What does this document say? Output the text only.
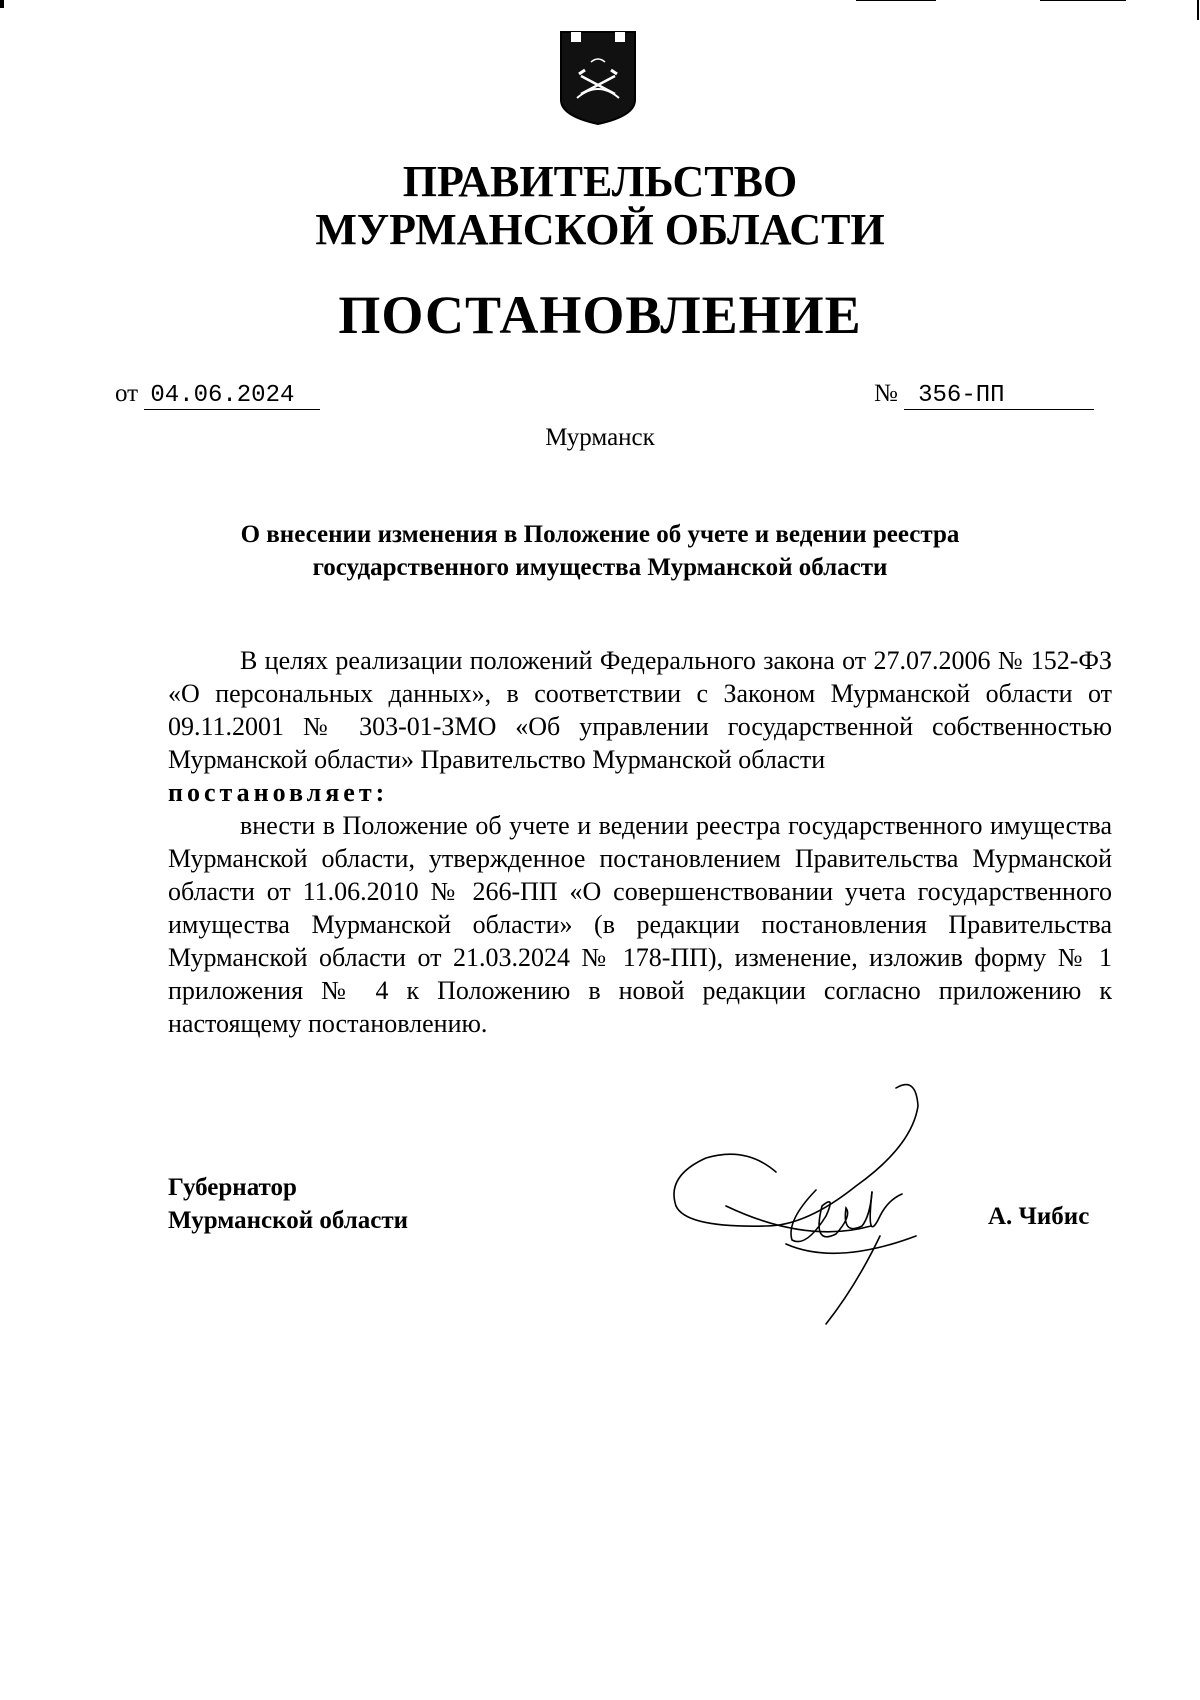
ПРАВИТЕЛЬСТВО
МУРМАНСКОЙ ОБЛАСТИ
ПОСТАНОВЛЕНИЕ
от 04.06.2024	№ 356-ПП
Мурманск
О внесении изменения в Положение об учете и ведении реестра
государственного имущества Мурманской области

В целях реализации положений Федерального закона от 27.07.2006 № 152-ФЗ «О персональных данных», в соответствии с Законом Мурманской области от 09.11.2001 № 303-01-ЗМО «Об управлении государственной собственностью Мурманской области» Правительство Мурманской области

постановляет:

внести в Положение об учете и ведении реестра государственного имущества Мурманской области, утвержденное постановлением Правительства Мурманской области от 11.06.2010 № 266-ПП «О совершенствовании учета государственного имущества Мурманской области» (в редакции постановления Правительства Мурманской области от 21.03.2024 № 178-ПП), изменение, изложив форму № 1 приложения № 4 к Положению в новой редакции согласно приложению к настоящему постановлению.

Губернатор
Мурманской области	А. Чибис
